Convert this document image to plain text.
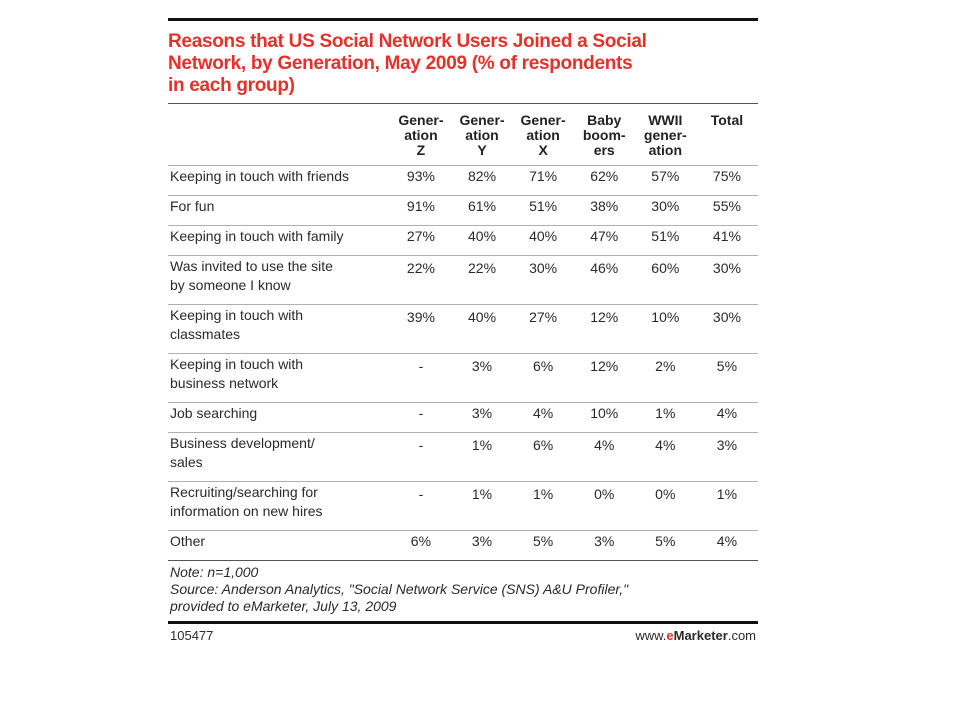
Reasons that US Social Network Users Joined a Social
Network, by Generation, May 2009 (% of respondents
in each group)

	Gener-
ation
Z	Gener-
ation
Y	Gener-
ation
X	Baby
boom-
ers	WWII
gener-
ation	Total

Keeping in touch with friends	93%	82%	71%	62%	57%	75%

For fun	91%	61%	51%	38%	30%	55%

Keeping in touch with family	27%	40%	40%	47%	51%	41%

Was invited to use the site
by someone I know	22%	22%	30%	46%	60%	30%

Keeping in touch with
classmates	39%	40%	27%	12%	10%	30%

Keeping in touch with
business network	-	3%	6%	12%	2%	5%

Job searching	-	3%	4%	10%	1%	4%

Business development/
sales	-	1%	6%	4%	4%	3%

Recruiting/searching for
information on new hires	-	1%	1%	0%	0%	1%

Other	6%	3%	5%	3%	5%	4%
Note: n=1,000
Source: Anderson Analytics, "Social Network Service (SNS) A&U Profiler,"
provided to eMarketer, July 13, 2009
105477	www.eMarketer.com
